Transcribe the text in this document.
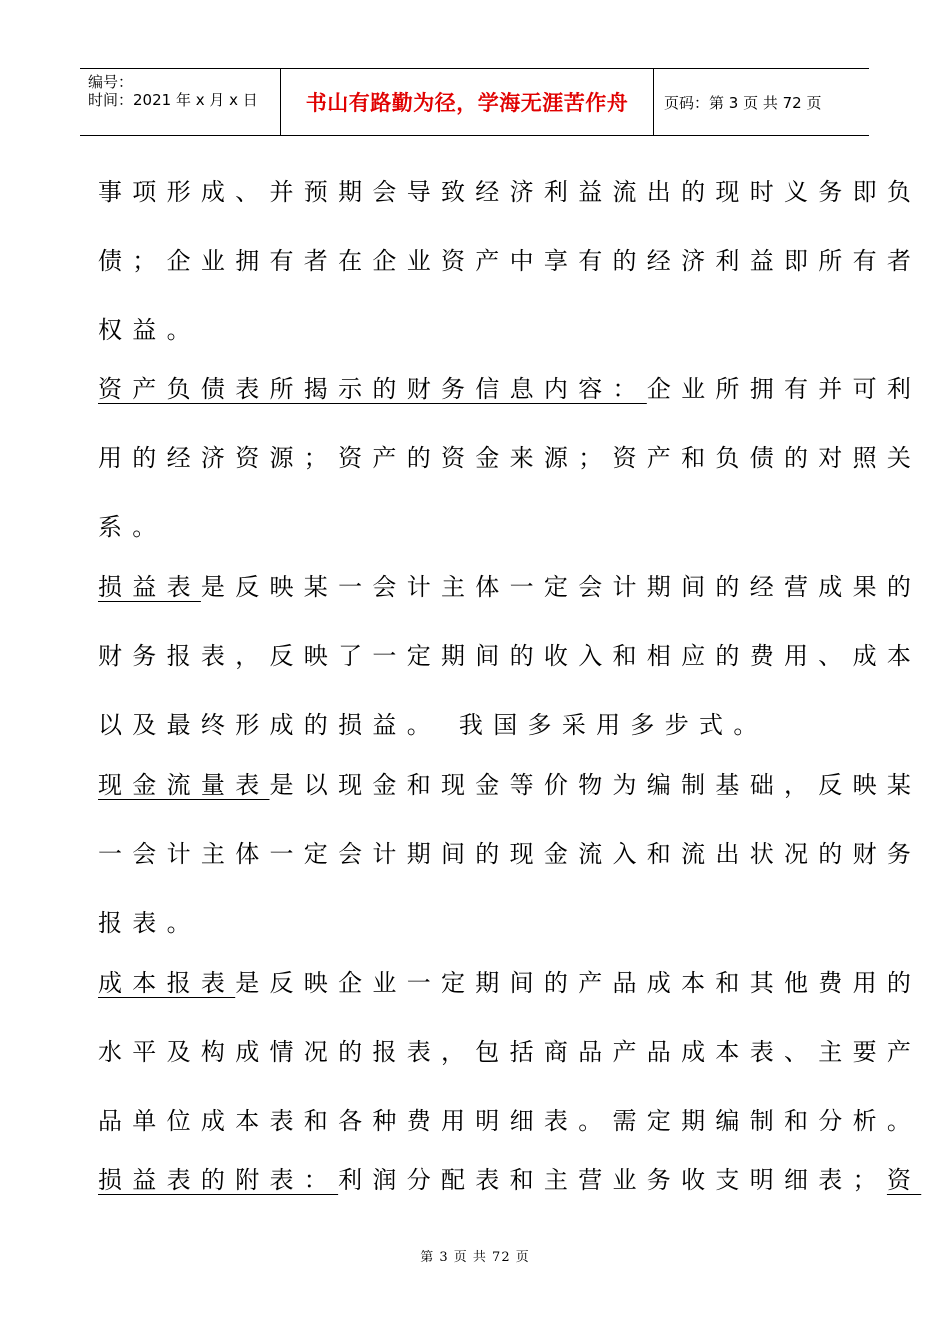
编号：
时间：2021 年 x 月 x 日	书山有路勤为径，学海无涯苦作舟	页码：第 3 页 共 72 页
事项形成、并预期会导致经济利益流出的现时义务即负
债；企业拥有者在企业资产中享有的经济利益即所有者
权益。
资产负债表所揭示的财务信息内容：企业所拥有并可利
用的经济资源；资产的资金来源；资产和负债的对照关
系。
损益表是反映某一会计主体一定会计期间的经营成果的
财务报表，反映了一定期间的收入和相应的费用、成本
以及最终形成的损益。 我国多采用多步式。
现金流量表是以现金和现金等价物为编制基础，反映某
一会计主体一定会计期间的现金流入和流出状况的财务
报表。
成本报表是反映企业一定期间的产品成本和其他费用的
水平及构成情况的报表，包括商品产品成本表、主要产
品单位成本表和各种费用明细表。需定期编制和分析。
损益表的附表：利润分配表和主营业务收支明细表；资
第 3 页 共 72 页
